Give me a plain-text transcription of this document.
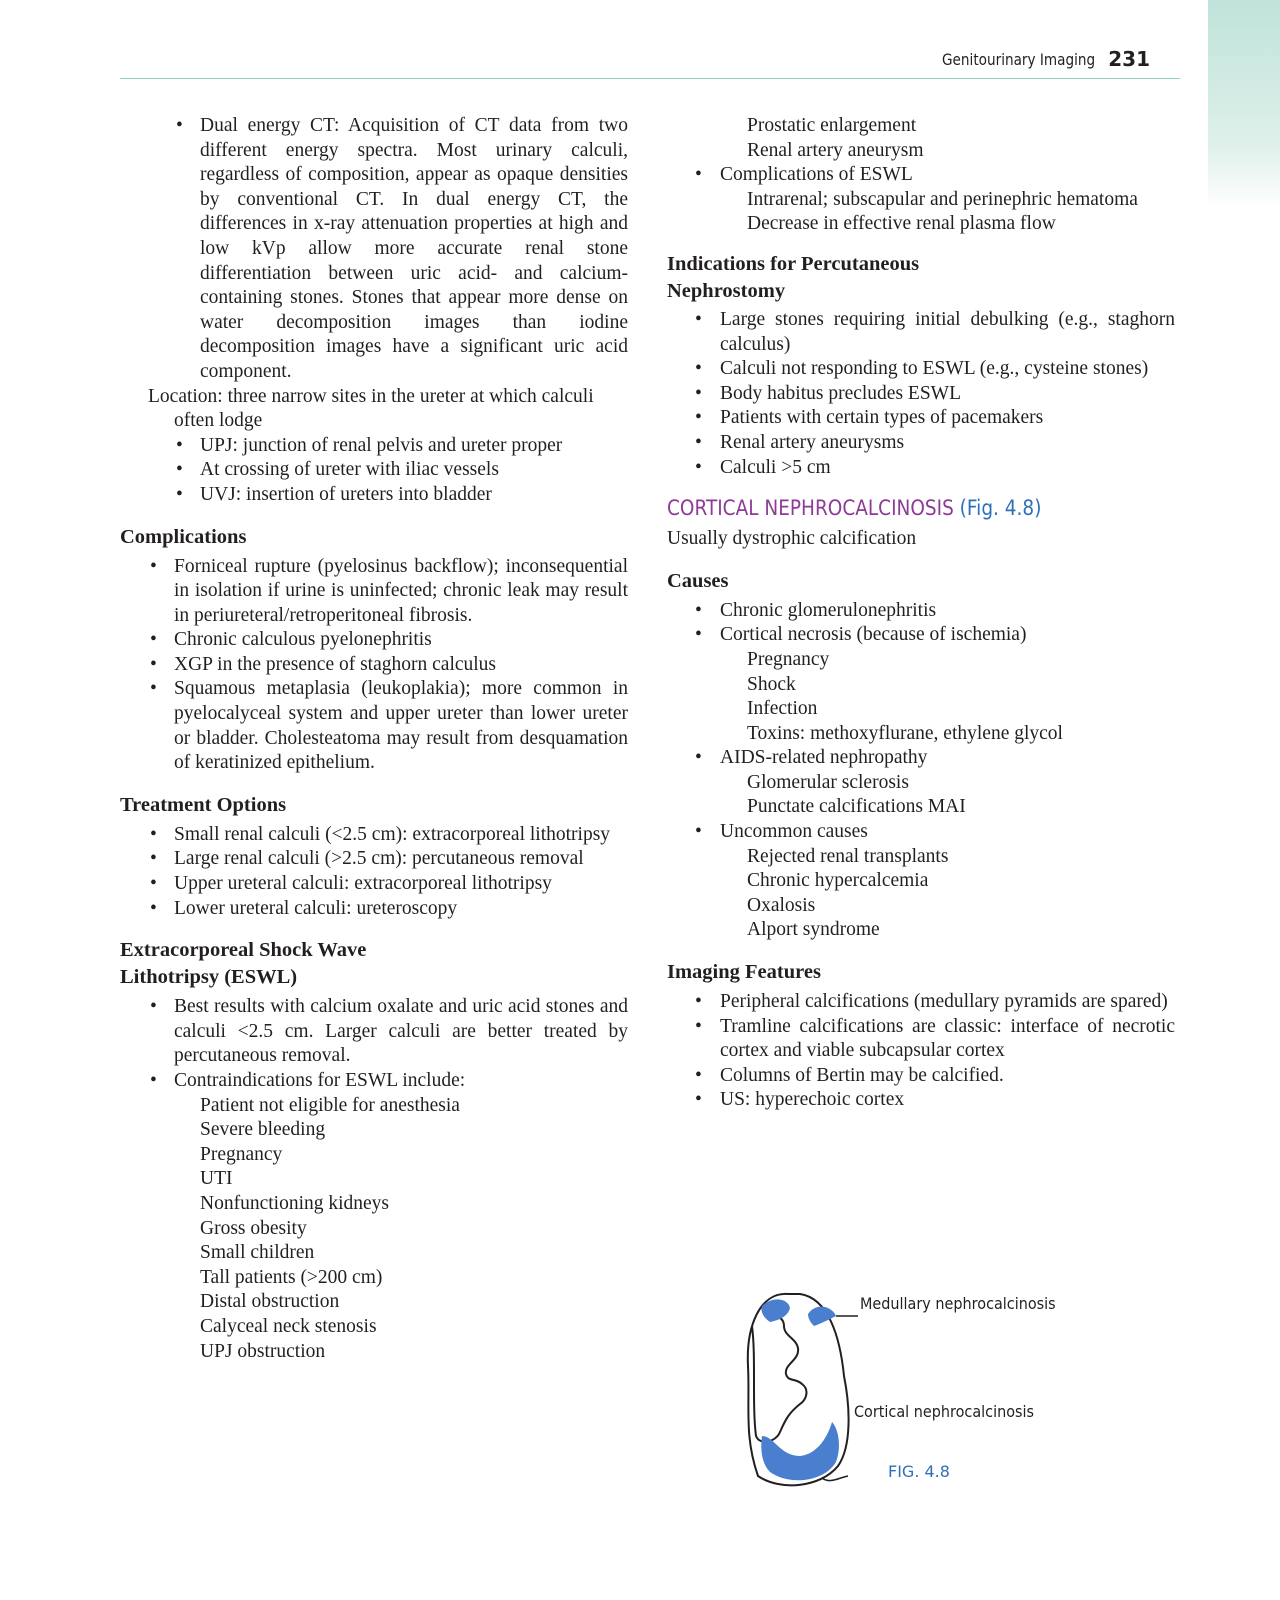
Genitourinary Imaging 231
• Dual energy CT: Acquisition of CT data from two different energy spectra. Most urinary calculi, regardless of composition, appear as opaque densities by conventional CT. In dual energy CT, the differences in x-ray attenuation properties at high and low kVp allow more accurate renal stone differentiation between uric acid- and calcium-containing stones. Stones that appear more dense on water decomposition images than iodine decomposition images have a significant uric acid component.
Location: three narrow sites in the ureter at which calculi often lodge
• UPJ: junction of renal pelvis and ureter proper
• At crossing of ureter with iliac vessels
• UVJ: insertion of ureters into bladder
Complications
• Forniceal rupture (pyelosinus backflow); inconsequential in isolation if urine is uninfected; chronic leak may result in periureteral/retroperitoneal fibrosis.
• Chronic calculous pyelonephritis
• XGP in the presence of staghorn calculus
• Squamous metaplasia (leukoplakia); more common in pyelocalyceal system and upper ureter than lower ureter or bladder. Cholesteatoma may result from desquamation of keratinized epithelium.
Treatment Options
• Small renal calculi (<2.5 cm): extracorporeal lithotripsy
• Large renal calculi (>2.5 cm): percutaneous removal
• Upper ureteral calculi: extracorporeal lithotripsy
• Lower ureteral calculi: ureteroscopy
Extracorporeal Shock Wave
Lithotripsy (ESWL)
• Best results with calcium oxalate and uric acid stones and calculi <2.5 cm. Larger calculi are better treated by percutaneous removal.
• Contraindications for ESWL include:
Patient not eligible for anesthesia
Severe bleeding
Pregnancy
UTI
Nonfunctioning kidneys
Gross obesity
Small children
Tall patients (>200 cm)
Distal obstruction
Calyceal neck stenosis
UPJ obstruction
Prostatic enlargement
Renal artery aneurysm
• Complications of ESWL
Intrarenal; subscapular and perinephric hematoma
Decrease in effective renal plasma flow
Indications for Percutaneous
Nephrostomy
• Large stones requiring initial debulking (e.g., staghorn calculus)
• Calculi not responding to ESWL (e.g., cysteine stones)
• Body habitus precludes ESWL
• Patients with certain types of pacemakers
• Renal artery aneurysms
• Calculi >5 cm
CORTICAL NEPHROCALCINOSIS (Fig. 4.8)
Usually dystrophic calcification
Causes
• Chronic glomerulonephritis
• Cortical necrosis (because of ischemia)
Pregnancy
Shock
Infection
Toxins: methoxyflurane, ethylene glycol
• AIDS-related nephropathy
Glomerular sclerosis
Punctate calcifications MAI
• Uncommon causes
Rejected renal transplants
Chronic hypercalcemia
Oxalosis
Alport syndrome
Imaging Features
• Peripheral calcifications (medullary pyramids are spared)
• Tramline calcifications are classic: interface of necrotic cortex and viable subcapsular cortex
• Columns of Bertin may be calcified.
• US: hyperechoic cortex
Medullary nephrocalcinosis
Cortical nephrocalcinosis
FIG. 4.8
